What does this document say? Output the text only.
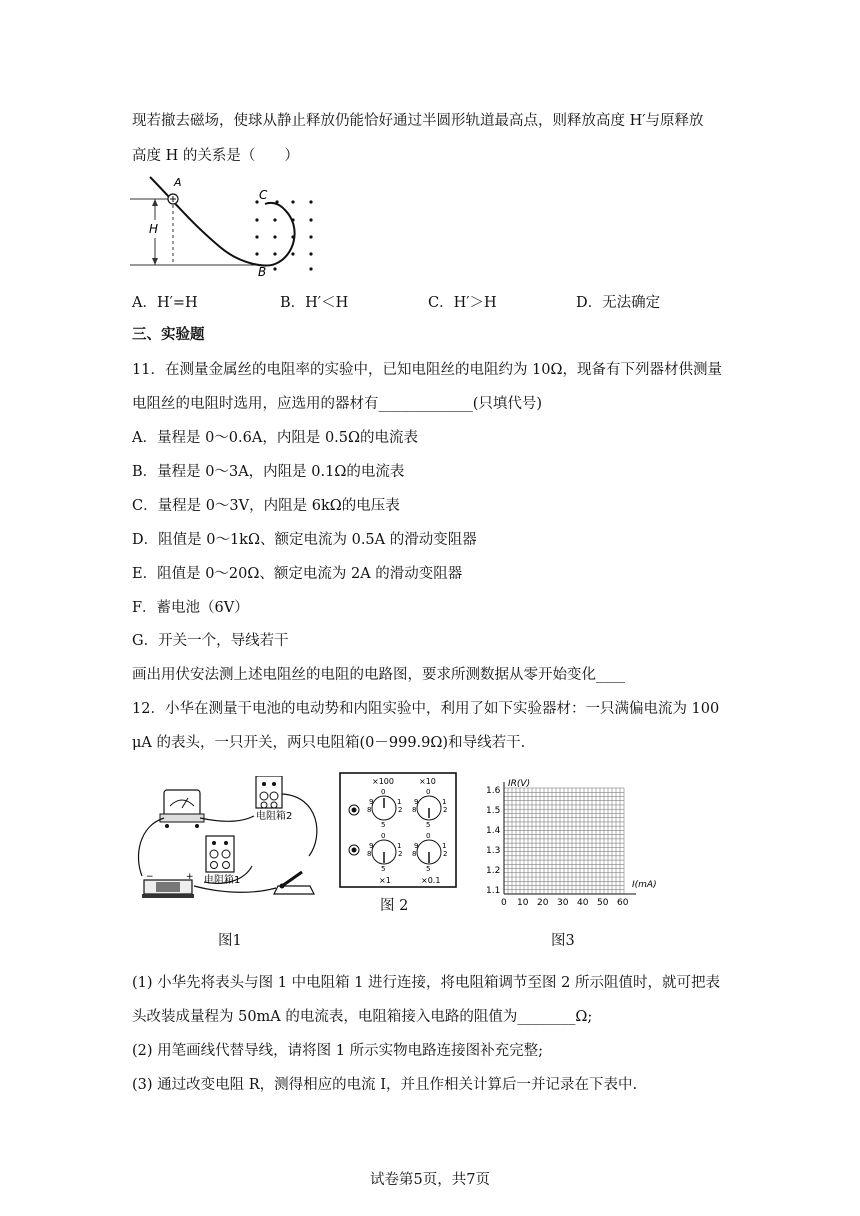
现若撤去磁场，使球从静止释放仍能恰好通过半圆形轨道最高点，则释放高度 H′与原释放
高度 H 的关系是（　　）
H
A
C
B
A．H′=H	B．H′＜H	C．H′＞H	D．无法确定
三、实验题
11．在测量金属丝的电阻率的实验中，已知电阻丝的电阻约为 10Ω，现备有下列器材供测量
电阻丝的电阻时选用，应选用的器材有_____________(只填代号)
A．量程是 0～0.6A，内阻是 0.5Ω的电流表
B．量程是 0～3A，内阻是 0.1Ω的电流表
C．量程是 0～3V，内阻是 6kΩ的电压表
D．阻值是 0～1kΩ、额定电流为 0.5A 的滑动变阻器
E．阻值是 0～20Ω、额定电流为 2A 的滑动变阻器
F．蓄电池（6V）
G．开关一个，导线若干
画出用伏安法测上述电阻丝的电阻的电路图，要求所测数据从零开始变化____
12．小华在测量干电池的电动势和内阻实验中，利用了如下实验器材：一只满偏电流为 100
μA 的表头，一只开关，两只电阻箱(0－999.9Ω)和导线若干.
电阻箱2
电阻箱1
−	+
图1
×100	×10
×1	×0.1
0
9	1
8	2
5
0
9	1
8	2
5
0
9	1
8	2
5
0
9	1
8	2
5
图 2
IR(V)
I(mA)
1.6
1.5
1.4
1.3
1.2
1.1
0 10 20 30 40 50 60
图3
(1) 小华先将表头与图 1 中电阻箱 1 进行连接，将电阻箱调节至图 2 所示阻值时，就可把表
头改装成量程为 50mA 的电流表，电阻箱接入电路的阻值为________Ω;
(2) 用笔画线代替导线，请将图 1 所示实物电路连接图补充完整;
(3) 通过改变电阻 R，测得相应的电流 I，并且作相关计算后一并记录在下表中.
试卷第5页，共7页
